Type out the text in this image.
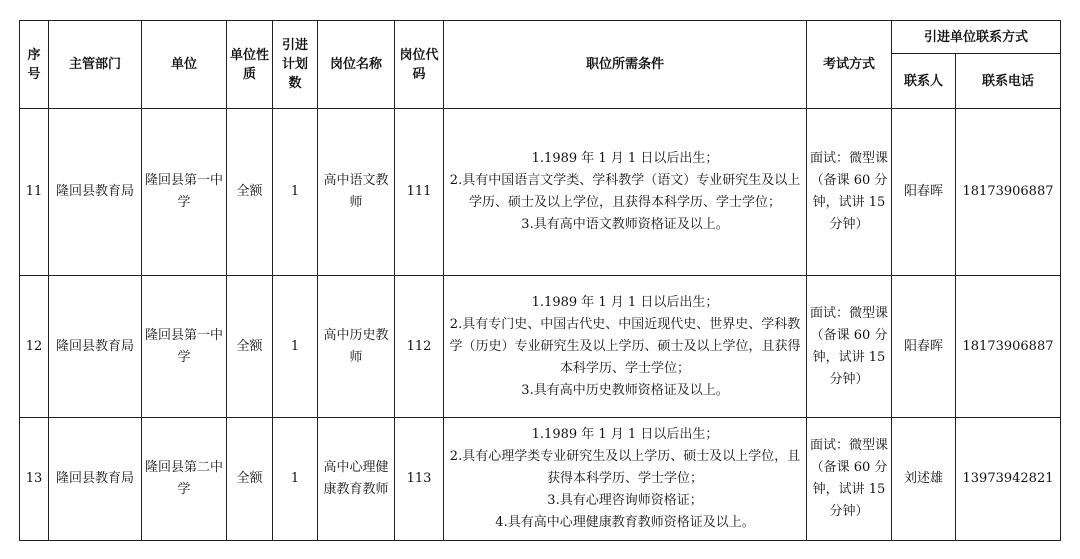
序号	主管部门	单位	单位性质	引进计划数	岗位名称	岗位代码	职位所需条件	考试方式	引进单位联系方式	
									联系人	联系电话
11	隆回县教育局	隆回县第一中学	全额	1	高中语文教师	111	1.1989 年 1 月 1 日以后出生；
2.具有中国语言文学类、学科教学（语文）专业研究生及以上学历、硕士及以上学位，且获得本科学历、学士学位；
3.具有高中语文教师资格证及以上。	面试：微型课（备课 60 分钟，试讲 15 分钟）	阳春晖	18173906887
12	隆回县教育局	隆回县第一中学	全额	1	高中历史教师	112	1.1989 年 1 月 1 日以后出生；
2.具有专门史、中国古代史、中国近现代史、世界史、学科教学（历史）专业研究生及以上学历、硕士及以上学位，且获得本科学历、学士学位；
3.具有高中历史教师资格证及以上。	面试：微型课（备课 60 分钟，试讲 15 分钟）	阳春晖	18173906887
13	隆回县教育局	隆回县第二中学	全额	1	高中心理健康教育教师	113	1.1989 年 1 月 1 日以后出生；
2.具有心理学类专业研究生及以上学历、硕士及以上学位，且获得本科学历、学士学位；
3.具有心理咨询师资格证；
4.具有高中心理健康教育教师资格证及以上。	面试：微型课（备课 60 分钟，试讲 15 分钟）	刘述雄	13973942821
